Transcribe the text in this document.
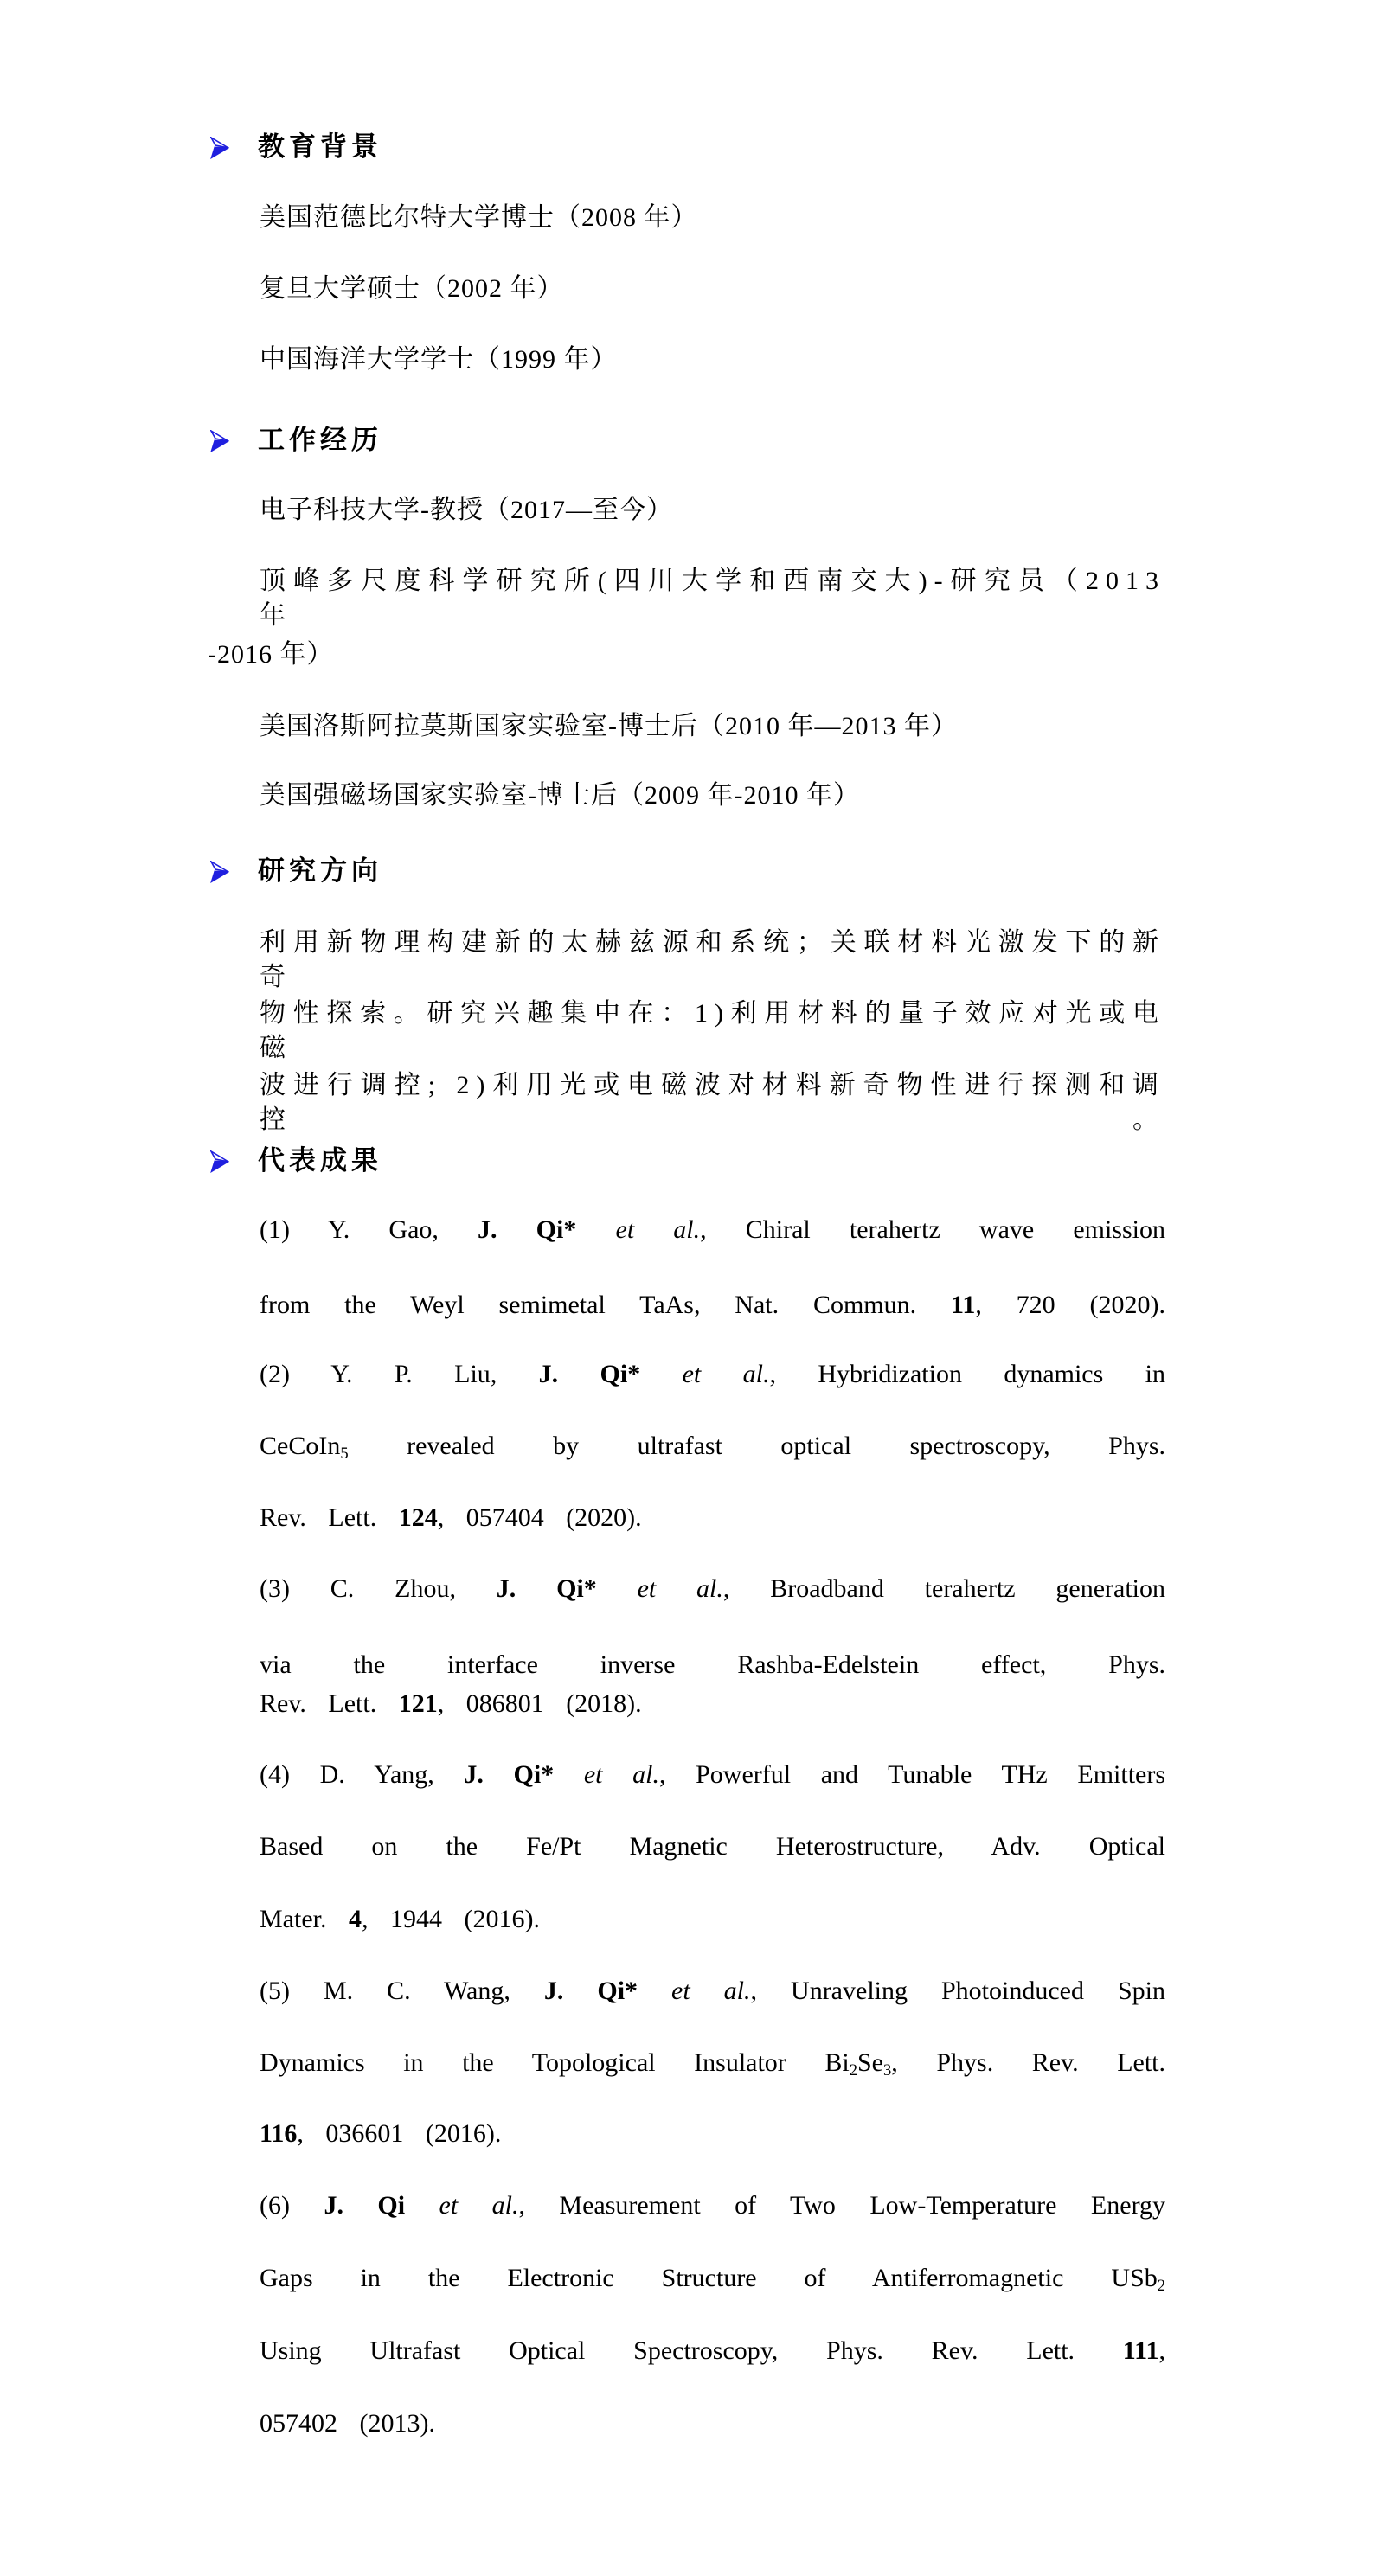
教育背景
美国范德比尔特大学博士（2008 年）
复旦大学硕士（2002 年）
中国海洋大学学士（1999 年）
工作经历
电子科技大学-教授（2017—至今）
顶峰多尺度科学研究所(四川大学和西南交大)-研究员（2013 年
-2016 年）
美国洛斯阿拉莫斯国家实验室-博士后（2010 年—2013 年）
美国强磁场国家实验室-博士后（2009 年-2010 年）
研究方向
利用新物理构建新的太赫兹源和系统；关联材料光激发下的新奇
物性探索。研究兴趣集中在：1)利用材料的量子效应对光或电磁
波进行调控; 2)利用光或电磁波对材料新奇物性进行探测和调控。
代表成果
(1) Y. Gao, J. Qi* et al., Chiral terahertz wave emission
from the Weyl semimetal TaAs, Nat. Commun. 11, 720 (2020).
(2) Y. P. Liu, J. Qi* et al., Hybridization dynamics in
CeCoIn5 revealed by ultrafast optical spectroscopy, Phys.
Rev. Lett. 124, 057404 (2020).
(3) C. Zhou, J. Qi* et al., Broadband terahertz generation
via the interface inverse Rashba-Edelstein effect, Phys.
Rev. Lett. 121, 086801 (2018).
(4) D. Yang, J. Qi* et al., Powerful and Tunable THz Emitters
Based on the Fe/Pt Magnetic Heterostructure, Adv. Optical
Mater. 4, 1944 (2016).
(5) M. C. Wang, J. Qi* et al., Unraveling Photoinduced Spin
Dynamics in the Topological Insulator Bi2Se3, Phys. Rev. Lett.
116, 036601 (2016).
(6) J. Qi et al., Measurement of Two Low-Temperature Energy
Gaps in the Electronic Structure of Antiferromagnetic USb2
Using Ultrafast Optical Spectroscopy, Phys. Rev. Lett. 111,
057402 (2013).
